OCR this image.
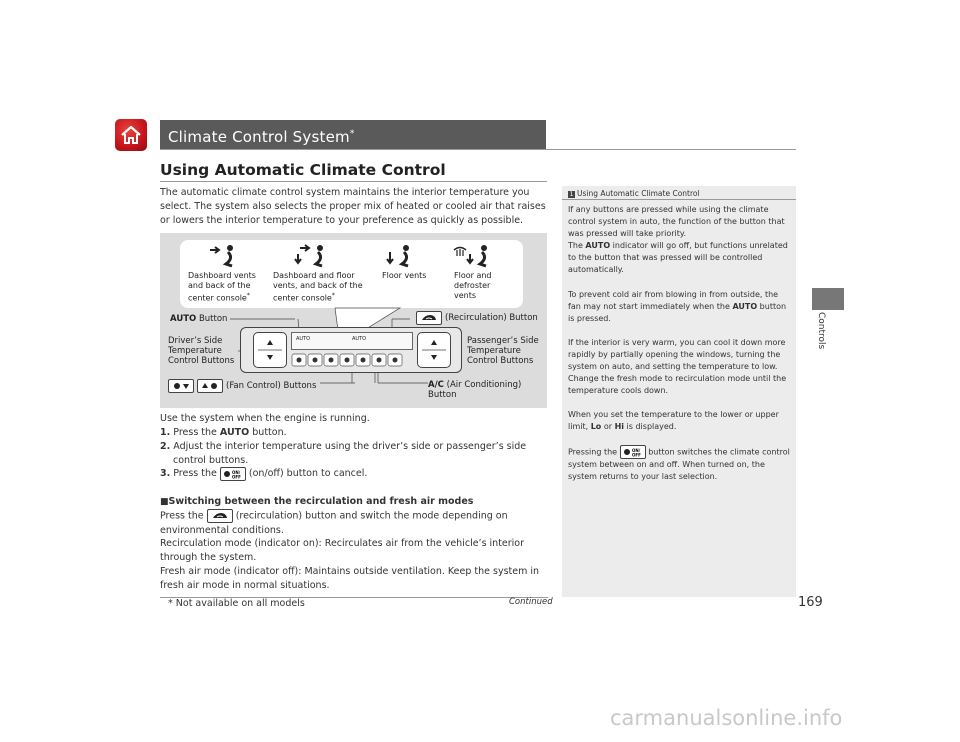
Climate Control System*
Using Automatic Climate Control
Controls
The automatic climate control system maintains the interior temperature you select. The system also selects the proper mix of heated or cooled air that raises or lowers the interior temperature to your preference as quickly as possible.
Dashboard vents and back of the center console*
Dashboard and floor vents, and back of the center console*
Floor vents	Floor and defroster vents
AUTO	AUTO
AUTO Button	(Recirculation) Button
Driver’s Side Temperature Control Buttons
Passenger’s Side Temperature Control Buttons
(Fan Control) Buttons	A/C (Air Conditioning) Button
Use the system when the engine is running.
1. Press the AUTO button.
2. Adjust the interior temperature using the driver’s side or passenger’s side control buttons.
3. Press the	ON/
OFF (on/off) button to cancel.
■Switching between the recirculation and fresh air modes
Press the	(recirculation) button and switch the mode depending on environmental conditions.
Recirculation mode (indicator on): Recirculates air from the vehicle’s interior through the system.
Fresh air mode (indicator off): Maintains outside ventilation. Keep the system in fresh air mode in normal situations.
1 Using Automatic Climate Control
If any buttons are pressed while using the climate control system in auto, the function of the button that was pressed will take priority.
The AUTO indicator will go off, but functions unrelated to the button that was pressed will be controlled automatically.
To prevent cold air from blowing in from outside, the fan may not start immediately when the AUTO button is pressed.
If the interior is very warm, you can cool it down more rapidly by partially opening the windows, turning the system on auto, and setting the temperature to low. Change the fresh mode to recirculation mode until the temperature cools down.
When you set the temperature to the lower or upper limit, Lo or Hi is displayed.
Pressing the	ON/
OFF button switches the climate control system between on and off. When turned on, the system returns to your last selection.
* Not available on all models	Continued	169
carmanualsonline.info
